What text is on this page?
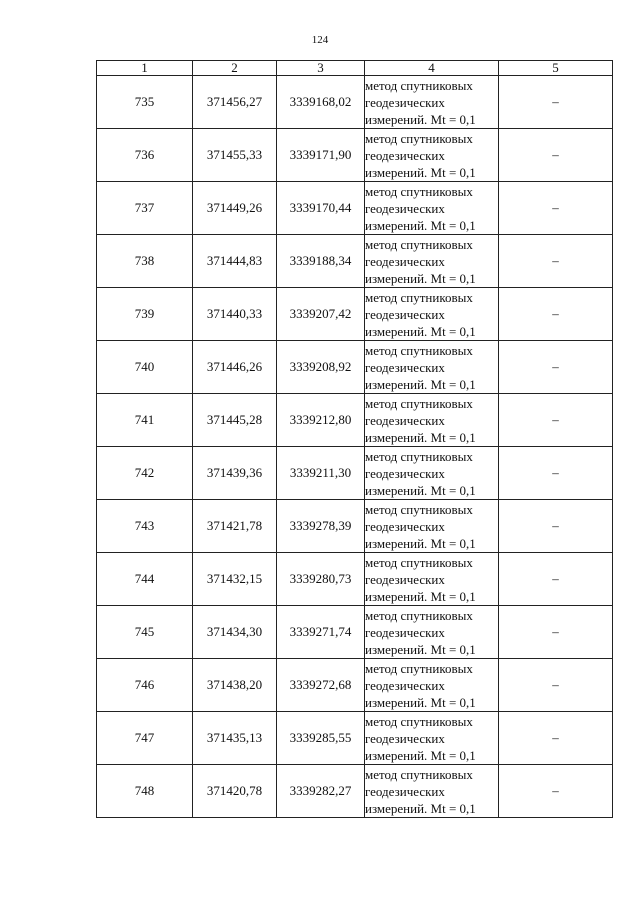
124
1	2	3	4	5
735	371456,27	3339168,02	метод спутниковых
геодезических
измерений. Mt = 0,1	–
736	371455,33	3339171,90	метод спутниковых
геодезических
измерений. Mt = 0,1	–
737	371449,26	3339170,44	метод спутниковых
геодезических
измерений. Mt = 0,1	–
738	371444,83	3339188,34	метод спутниковых
геодезических
измерений. Mt = 0,1	–
739	371440,33	3339207,42	метод спутниковых
геодезических
измерений. Mt = 0,1	–
740	371446,26	3339208,92	метод спутниковых
геодезических
измерений. Mt = 0,1	–
741	371445,28	3339212,80	метод спутниковых
геодезических
измерений. Mt = 0,1	–
742	371439,36	3339211,30	метод спутниковых
геодезических
измерений. Mt = 0,1	–
743	371421,78	3339278,39	метод спутниковых
геодезических
измерений. Mt = 0,1	–
744	371432,15	3339280,73	метод спутниковых
геодезических
измерений. Mt = 0,1	–
745	371434,30	3339271,74	метод спутниковых
геодезических
измерений. Mt = 0,1	–
746	371438,20	3339272,68	метод спутниковых
геодезических
измерений. Mt = 0,1	–
747	371435,13	3339285,55	метод спутниковых
геодезических
измерений. Mt = 0,1	–
748	371420,78	3339282,27	метод спутниковых
геодезических
измерений. Mt = 0,1	–
